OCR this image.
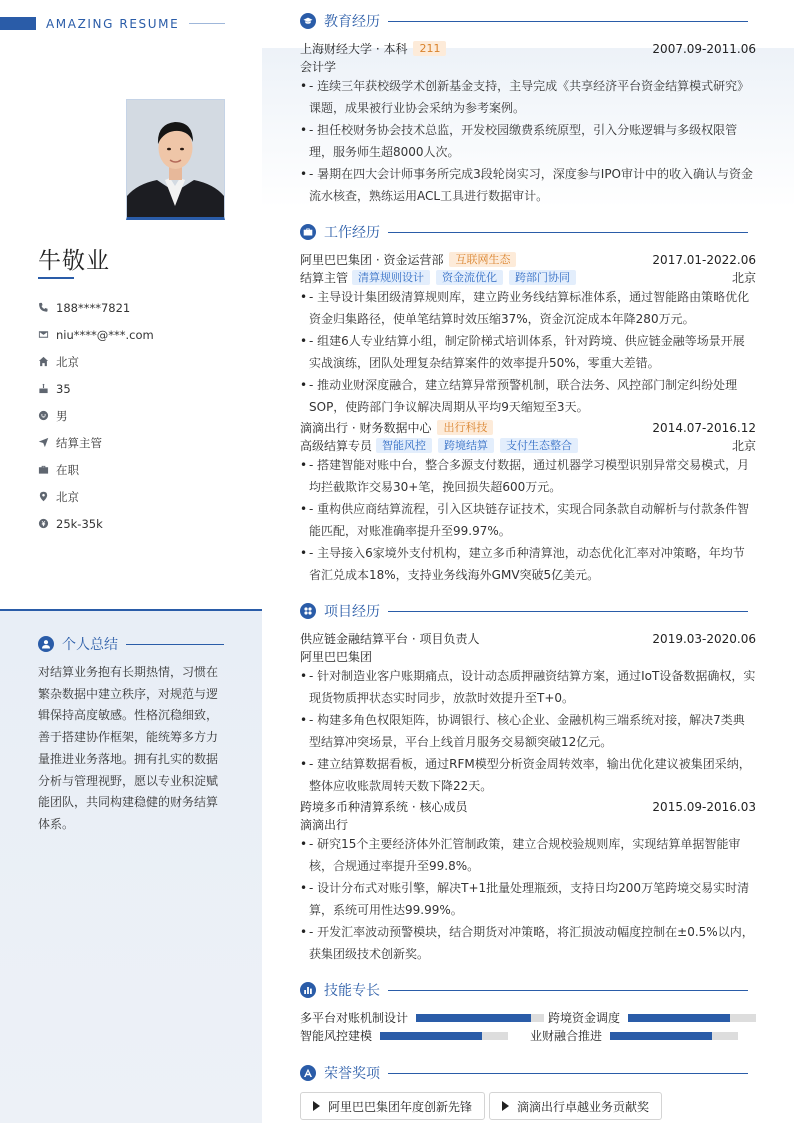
AMAZING RESUME
牛敬业
188****7821
niu****@***.com
北京
35
男
结算主管
在职
北京
25k-35k
个人总结
对结算业务抱有长期热情，习惯在繁杂数据中建立秩序，对规范与逻辑保持高度敏感。性格沉稳细致，善于搭建协作框架，能统筹多方力量推进业务落地。拥有扎实的数据分析与管理视野，愿以专业积淀赋能团队，共同构建稳健的财务结算体系。
教育经历
上海财经大学 · 本科	211	2007.09-2011.06
会计学
• - 连续三年获校级学术创新基金支持，主导完成《共享经济平台资金结算模式研究》课题，成果被行业协会采纳为参考案例。
• - 担任校财务协会技术总监，开发校园缴费系统原型，引入分账逻辑与多级权限管理，服务师生超8000人次。
• - 暑期在四大会计师事务所完成3段轮岗实习，深度参与IPO审计中的收入确认与资金流水核查，熟练运用ACL工具进行数据审计。
工作经历
阿里巴巴集团 · 资金运营部	互联网生态	2017.01-2022.06
结算主管 清算规则设计	资金流优化	跨部门协同	北京
• - 主导设计集团级清算规则库，建立跨业务线结算标准体系，通过智能路由策略优化资金归集路径，使单笔结算时效压缩37%，资金沉淀成本年降280万元。
• - 组建6人专业结算小组，制定阶梯式培训体系，针对跨境、供应链金融等场景开展实战演练，团队处理复杂结算案件的效率提升50%，零重大差错。
• - 推动业财深度融合，建立结算异常预警机制，联合法务、风控部门制定纠纷处理SOP，使跨部门争议解决周期从平均9天缩短至3天。
滴滴出行 · 财务数据中心	出行科技	2014.07-2016.12
高级结算专员 智能风控	跨境结算	支付生态整合	北京
• - 搭建智能对账中台，整合多源支付数据，通过机器学习模型识别异常交易模式，月均拦截欺诈交易30+笔，挽回损失超600万元。
• - 重构供应商结算流程，引入区块链存证技术，实现合同条款自动解析与付款条件智能匹配，对账准确率提升至99.97%。
• - 主导接入6家境外支付机构，建立多币种清算池，动态优化汇率对冲策略，年均节省汇兑成本18%，支持业务线海外GMV突破5亿美元。
项目经历
供应链金融结算平台 · 项目负责人	2019.03-2020.06
阿里巴巴集团
• - 针对制造业客户账期痛点，设计动态质押融资结算方案，通过IoT设备数据确权，实现货物质押状态实时同步，放款时效提升至T+0。
• - 构建多角色权限矩阵，协调银行、核心企业、金融机构三端系统对接，解决7类典型结算冲突场景，平台上线首月服务交易额突破12亿元。
• - 建立结算数据看板，通过RFM模型分析资金周转效率，输出优化建议被集团采纳，整体应收账款周转天数下降22天。
跨境多币种清算系统 · 核心成员	2015.09-2016.03
滴滴出行
• - 研究15个主要经济体外汇管制政策，建立合规校验规则库，实现结算单据智能审核，合规通过率提升至99.8%。
• - 设计分布式对账引擎，解决T+1批量处理瓶颈，支持日均200万笔跨境交易实时清算，系统可用性达99.99%。
• - 开发汇率波动预警模块，结合期货对冲策略，将汇损波动幅度控制在±0.5%以内，获集团级技术创新奖。
技能专长
多平台对账机制设计	跨境资金调度
智能风控建模	业财融合推进
荣誉奖项
阿里巴巴集团年度创新先锋	滴滴出行卓越业务贡献奖
